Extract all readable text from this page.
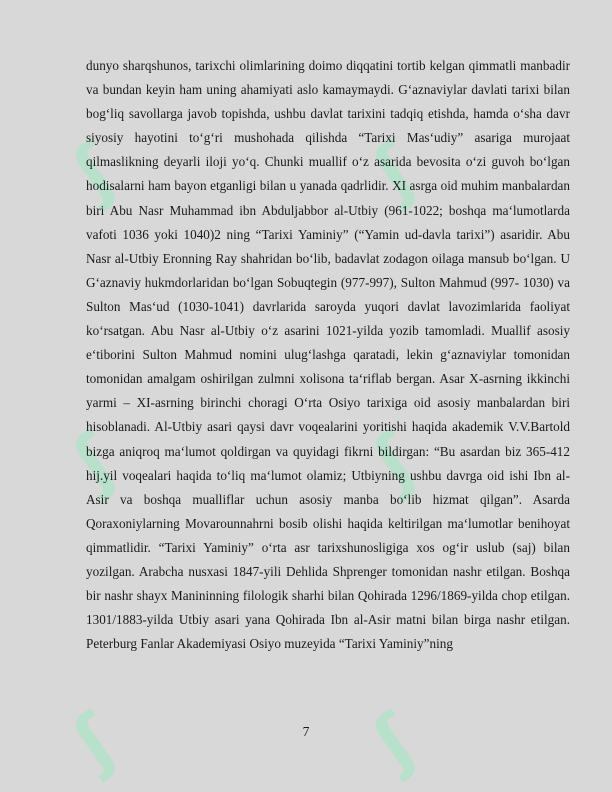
ʃ	ʃ
ʃ	ʃ
ʃ	ʃ

dunyo sharqshunos, tarixchi olimlarining doimo diqqatini tortib kelgan qimmatli manbadir va bundan keyin ham uning ahamiyati aslo kamaymaydi. G‘aznaviylar davlati tarixi bilan bog‘liq savollarga javob topishda, ushbu davlat tarixini tadqiq etishda, hamda o‘sha davr siyosiy hayotini to‘g‘ri mushohada qilishda “Tarixi Mas‘udiy” asariga murojaat qilmaslikning deyarli iloji yo‘q. Chunki muallif o‘z asarida bevosita o‘zi guvoh bo‘lgan hodisalarni ham bayon etganligi bilan u yanada qadrlidir. XI asrga oid muhim manbalardan biri Abu Nasr Muhammad ibn Abduljabbor al-Utbiy (961-1022; boshqa ma‘lumotlarda vafoti 1036 yoki 1040)2 ning “Tarixi Yaminiy” (“Yamin ud-davla tarixi”) asaridir. Abu Nasr al-Utbiy Eronning Ray shahridan bo‘lib, badavlat zodagon oilaga mansub bo‘lgan. U G‘aznaviy hukmdorlaridan bo‘lgan Sobuqtegin (977-997), Sulton Mahmud (997- 1030) va Sulton Mas‘ud (1030-1041) davrlarida saroyda yuqori davlat lavozimlarida faoliyat ko‘rsatgan. Abu Nasr al-Utbiy o‘z asarini 1021-yilda yozib tamomladi. Muallif asosiy e‘tiborini Sulton Mahmud nomini ulug‘lashga qaratadi, lekin g‘aznaviylar tomonidan tomonidan amalgam oshirilgan zulmni xolisona ta‘riflab bergan. Asar X-asrning ikkinchi yarmi – XI-asrning birinchi choragi O‘rta Osiyo tarixiga oid asosiy manbalardan biri hisoblanadi. Al-Utbiy asari qaysi davr voqealarini yoritishi haqida akademik V.V.Bartold bizga aniqroq ma‘lumot qoldirgan va quyidagi fikrni bildirgan: “Bu asardan biz 365-412 hij.yil voqealari haqida to‘liq ma‘lumot olamiz; Utbiyning ushbu davrga oid ishi Ibn al-Asir va boshqa mualliflar uchun asosiy manba bo‘lib hizmat qilgan”. Asarda Qoraxoniylarning Movarounnahrni bosib olishi haqida keltirilgan ma‘lumotlar benihoyat qimmatlidir. “Tarixi Yaminiy” o‘rta asr tarixshunosligiga xos og‘ir uslub (saj) bilan yozilgan. Arabcha nusxasi 1847-yili Dehlida Shprenger tomonidan nashr etilgan. Boshqa bir nashr shayx Manininning filologik sharhi bilan Qohirada 1296/1869-yilda chop etilgan. 1301/1883-yilda Utbiy asari yana Qohirada Ibn al-Asir matni bilan birga nashr etilgan. Peterburg Fanlar Akademiyasi Osiyo muzeyida “Tarixi Yaminiy”ning

7
